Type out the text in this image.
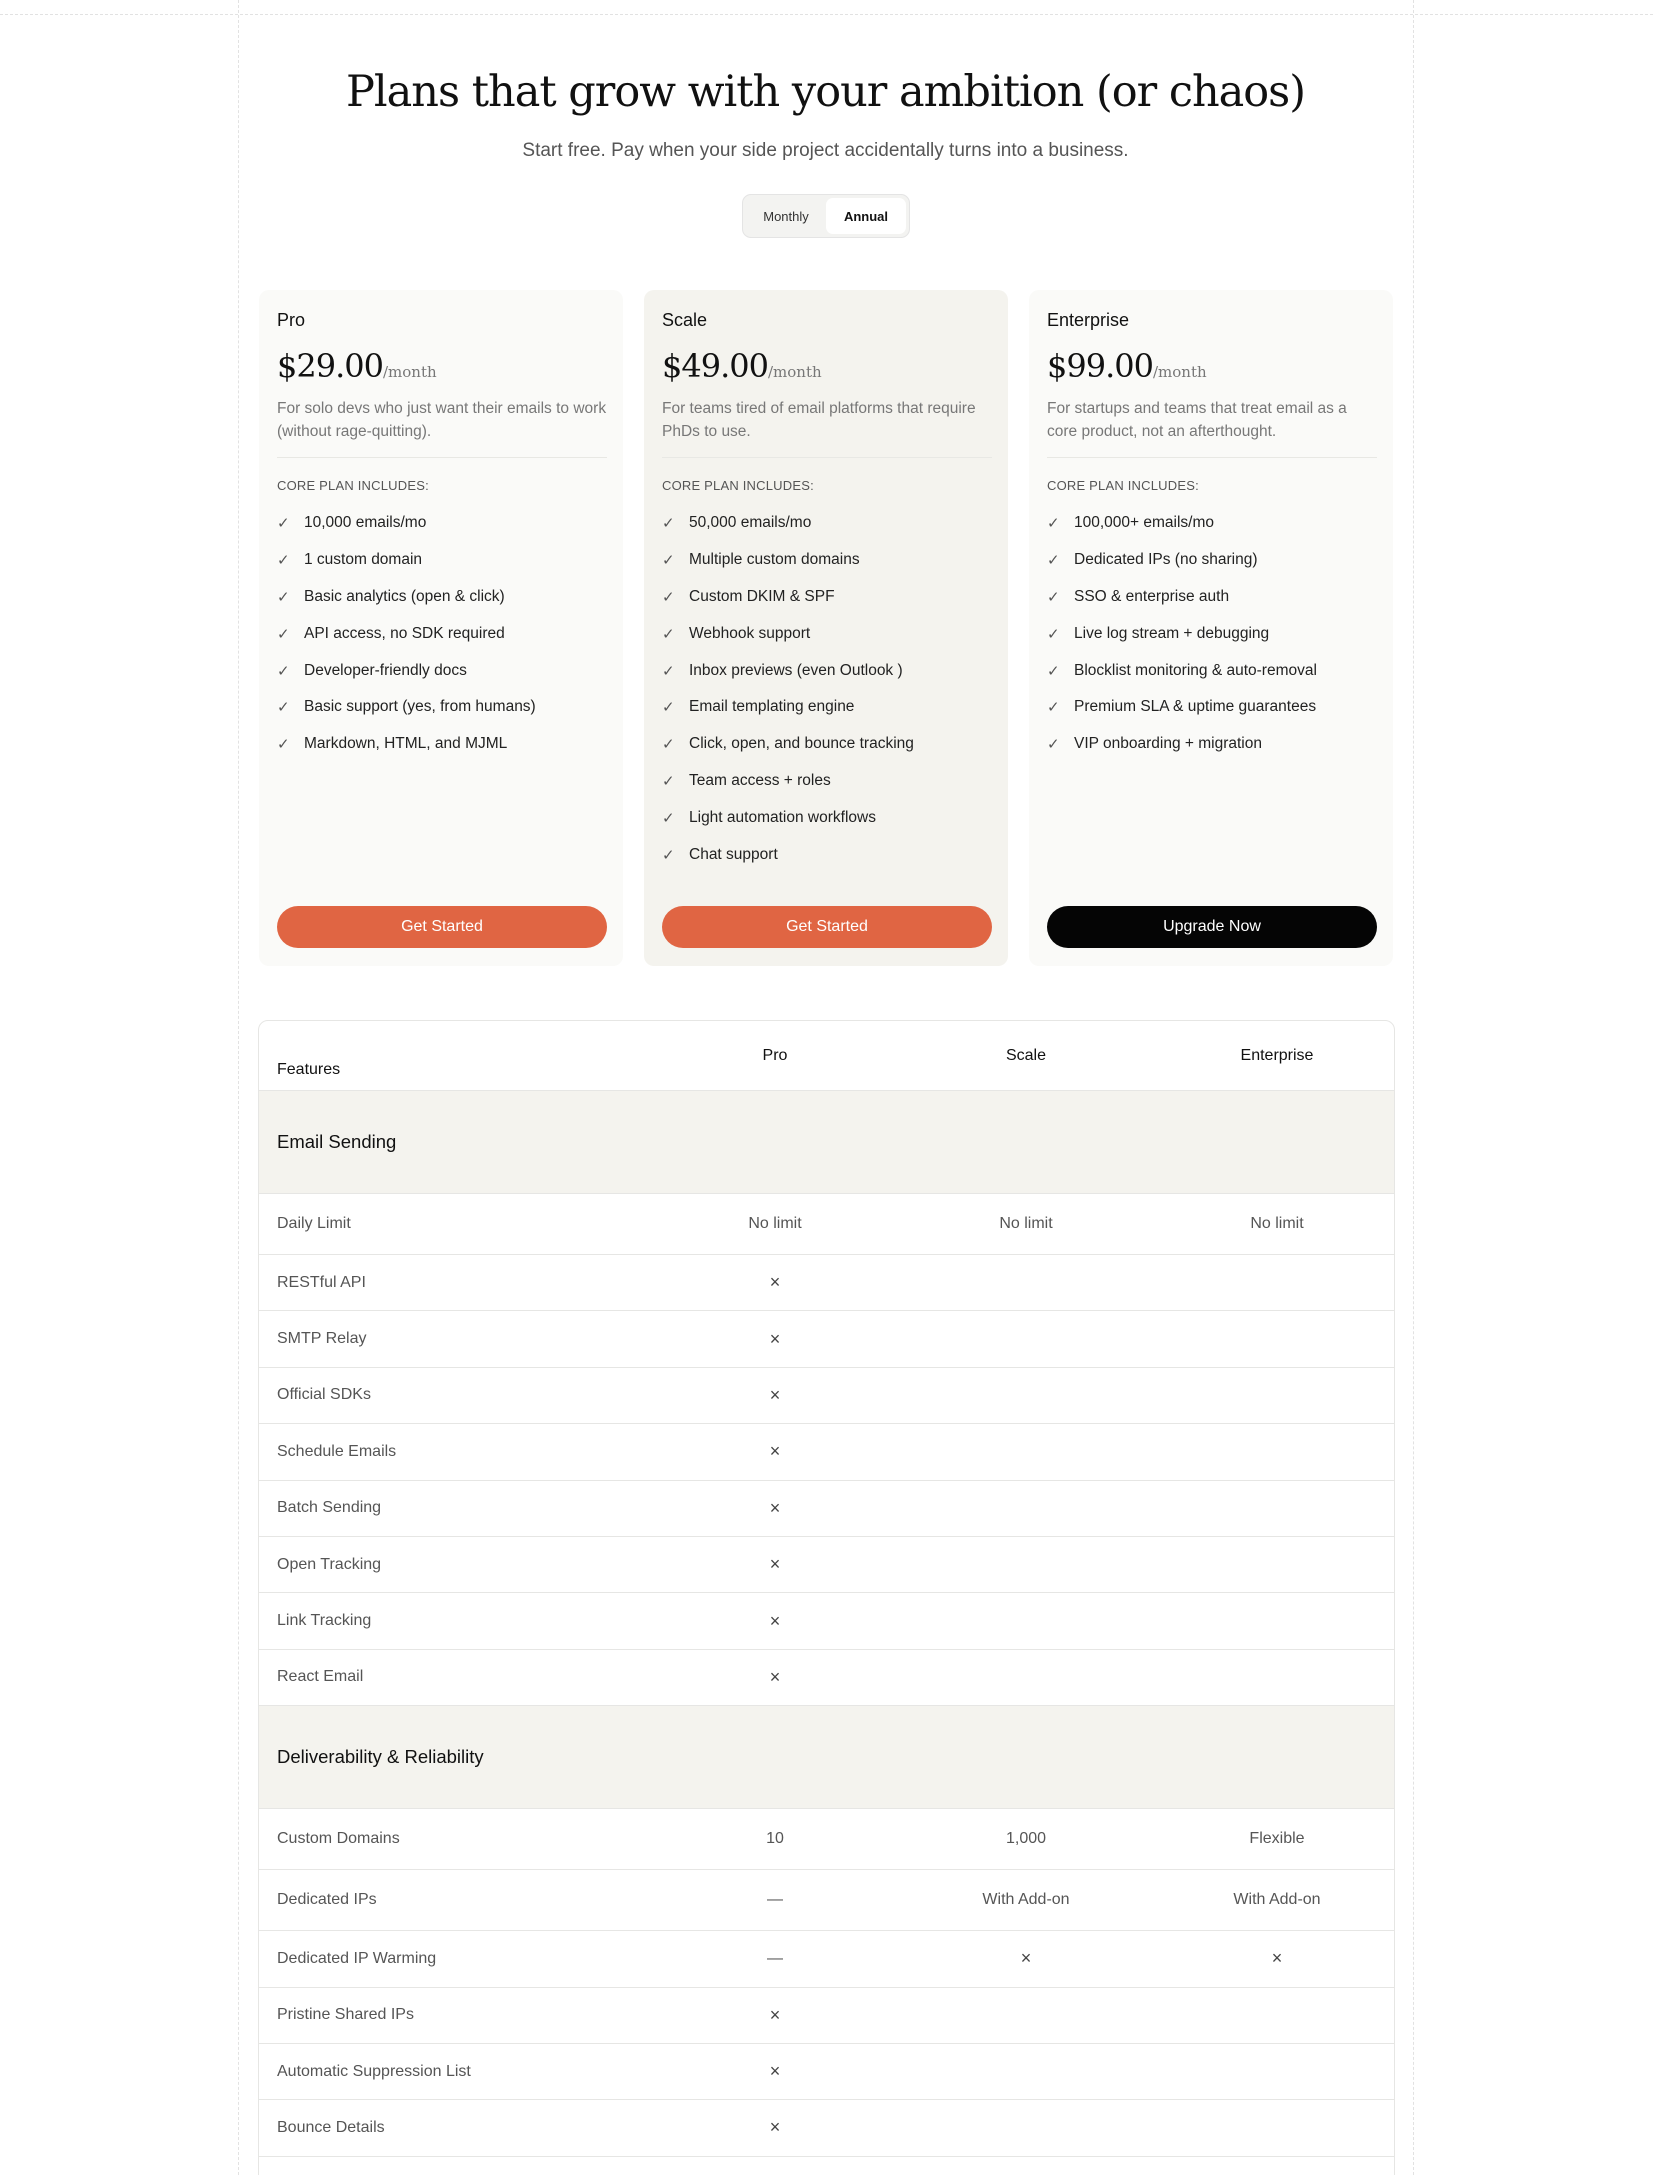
Plans that grow with your ambition (or chaos)

Start free. Pay when your side project accidentally turns into a business.

Monthly	Annual
Pro
$29.00 /month
For solo devs who just want their emails to work (without rage-quitting).
CORE PLAN INCLUDES:
✓ 10,000 emails/mo
✓ 1 custom domain
✓ Basic analytics (open & click)
✓ API access, no SDK required
✓ Developer-friendly docs
✓ Basic support (yes, from humans)
✓ Markdown, HTML, and MJML
Get Started
Scale
$49.00 /month
For teams tired of email platforms that require PhDs to use.
CORE PLAN INCLUDES:
✓ 50,000 emails/mo
✓ Multiple custom domains
✓ Custom DKIM & SPF
✓ Webhook support
✓ Inbox previews (even Outlook )
✓ Email templating engine
✓ Click, open, and bounce tracking
✓ Team access + roles
✓ Light automation workflows
✓ Chat support
Get Started
Enterprise
$99.00 /month
For startups and teams that treat email as a core product, not an afterthought.
CORE PLAN INCLUDES:
✓ 100,000+ emails/mo
✓ Dedicated IPs (no sharing)
✓ SSO & enterprise auth
✓ Live log stream + debugging
✓ Blocklist monitoring & auto-removal
✓ Premium SLA & uptime guarantees
✓ VIP onboarding + migration
Upgrade Now
Features
Pro	Scale	Enterprise
Email Sending
Daily Limit	No limit	No limit	No limit
RESTful API	×
SMTP Relay	×
Official SDKs	×
Schedule Emails	×
Batch Sending	×
Open Tracking	×
Link Tracking	×
React Email	×
Deliverability & Reliability
Custom Domains	10	1,000	Flexible
Dedicated IPs	—	With Add-on	With Add-on
Dedicated IP Warming	—	×	×
Pristine Shared IPs	×
Automatic Suppression List	×
Bounce Details	×
